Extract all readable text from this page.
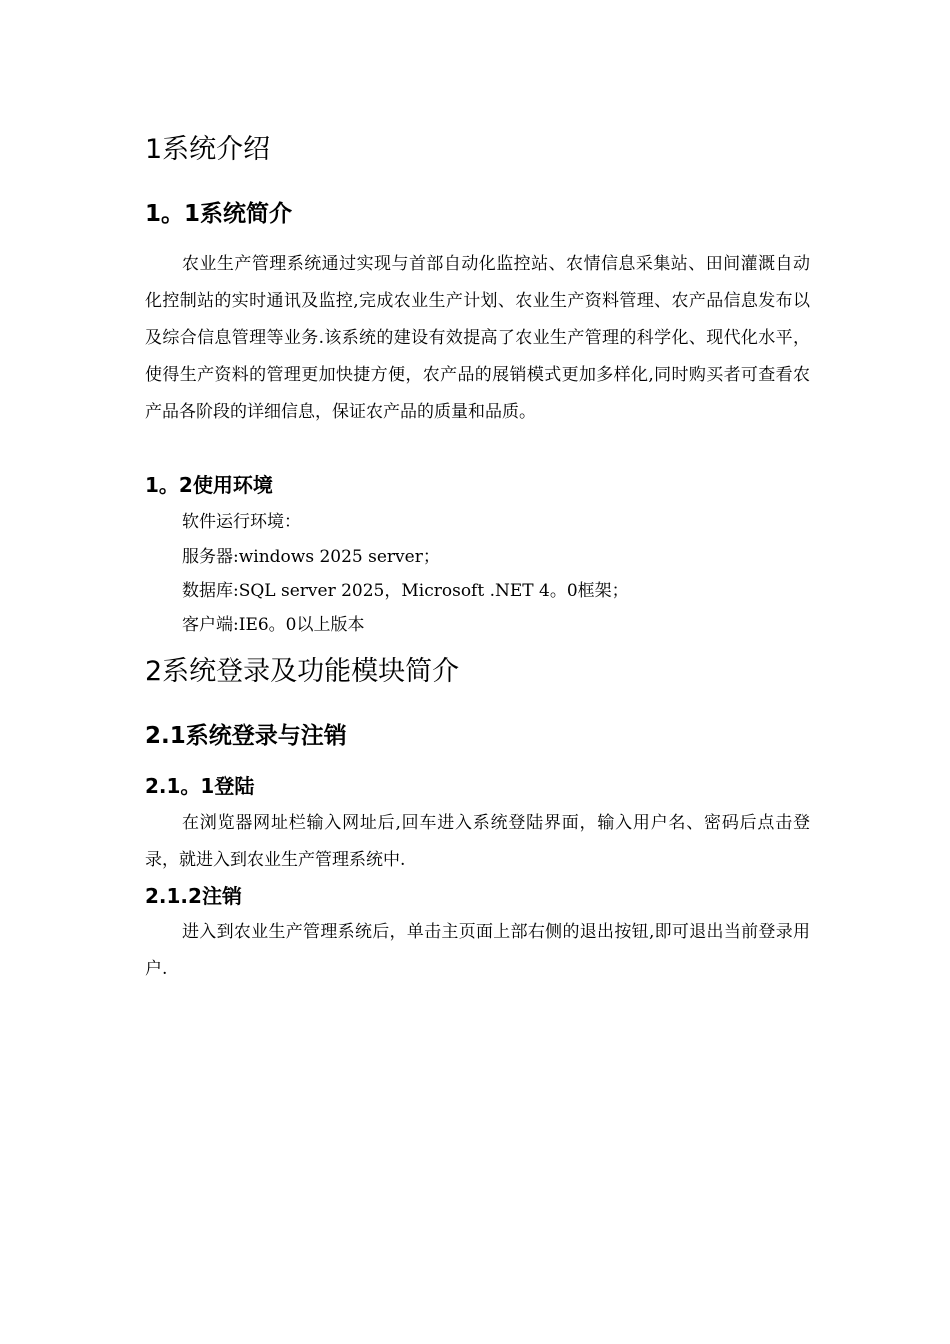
1系统介绍
1。1系统简介

农业生产管理系统通过实现与首部自动化监控站、农情信息采集站、田间灌溉自动化控制站的实时通讯及监控,完成农业生产计划、农业生产资料管理、农产品信息发布以及综合信息管理等业务.该系统的建设有效提高了农业生产管理的科学化、现代化水平，使得生产资料的管理更加快捷方便，农产品的展销模式更加多样化,同时购买者可查看农产品各阶段的详细信息，保证农产品的质量和品质。

1。2使用环境

软件运行环境：

服务器:windows 2025 server；

数据库:SQL server 2025，Microsoft .NET 4。0框架；

客户端:IE6。0以上版本

2系统登录及功能模块简介
2.1系统登录与注销
2.1。1登陆

在浏览器网址栏输入网址后,回车进入系统登陆界面，输入用户名、密码后点击登录，就进入到农业生产管理系统中.

2.1.2注销

进入到农业生产管理系统后，单击主页面上部右侧的退出按钮,即可退出当前登录用户.
